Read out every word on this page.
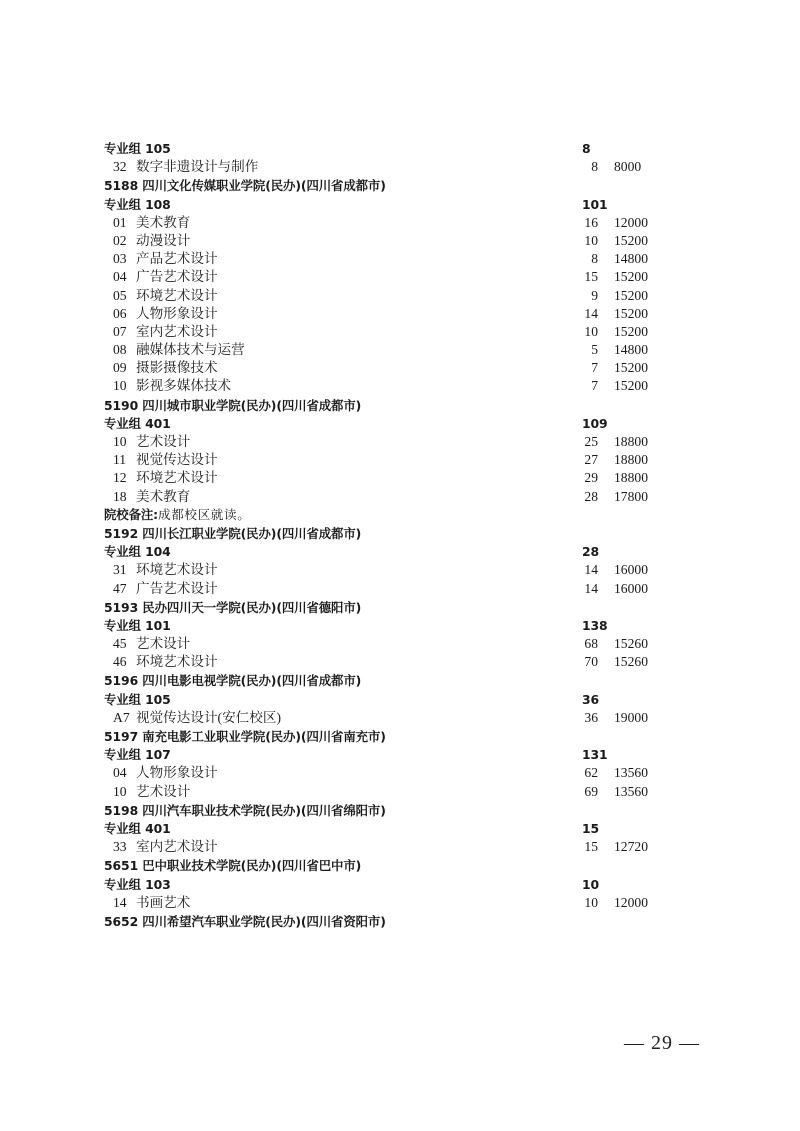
专业组 105	8
32 数字非遗设计与制作	8 8000
5188 四川文化传媒职业学院(民办)(四川省成都市)
专业组 108	101
01 美术教育	16 12000
02 动漫设计	10 15200
03 产品艺术设计	8 14800
04 广告艺术设计	15 15200
05 环境艺术设计	9 15200
06 人物形象设计	14 15200
07 室内艺术设计	10 15200
08 融媒体技术与运营	5 14800
09 摄影摄像技术	7 15200
10 影视多媒体技术	7 15200
5190 四川城市职业学院(民办)(四川省成都市)
专业组 401	109
10 艺术设计	25 18800
11 视觉传达设计	27 18800
12 环境艺术设计	29 18800
18 美术教育	28 17800
院校备注:成都校区就读。
5192 四川长江职业学院(民办)(四川省成都市)
专业组 104	28
31 环境艺术设计	14 16000
47 广告艺术设计	14 16000
5193 民办四川天一学院(民办)(四川省德阳市)
专业组 101	138
45 艺术设计	68 15260
46 环境艺术设计	70 15260
5196 四川电影电视学院(民办)(四川省成都市)
专业组 105	36
A7 视觉传达设计(安仁校区)	36 19000
5197 南充电影工业职业学院(民办)(四川省南充市)
专业组 107	131
04 人物形象设计	62 13560
10 艺术设计	69 13560
5198 四川汽车职业技术学院(民办)(四川省绵阳市)
专业组 401	15
33 室内艺术设计	15 12720
5651 巴中职业技术学院(民办)(四川省巴中市)
专业组 103	10
14 书画艺术	10 12000
5652 四川希望汽车职业学院(民办)(四川省资阳市)
— 29 —
